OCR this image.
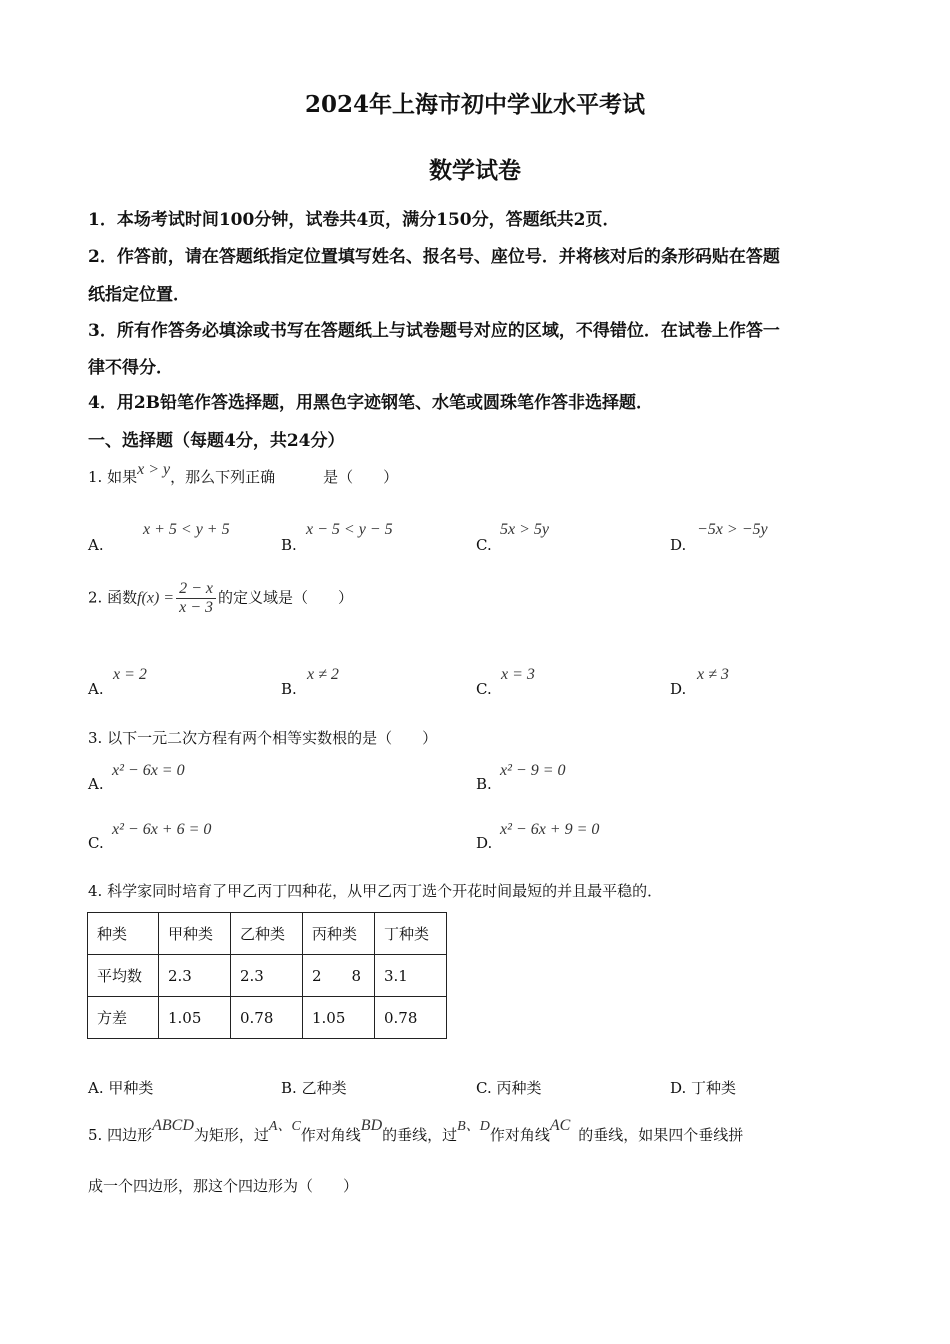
2024年上海市初中学业水平考试
数学试卷
1．本场考试时间100分钟，试卷共4页，满分150分，答题纸共2页．
2．作答前，请在答题纸指定位置填写姓名、报名号、座位号．并将核对后的条形码贴在答题
纸指定位置．
3．所有作答务必填涂或书写在答题纸上与试卷题号对应的区域，不得错位．在试卷上作答一
律不得分．
4．用2B铅笔作答选择题，用黑色字迹钢笔、水笔或圆珠笔作答非选择题．
一、选择题（每题4分，共24分）
1. 如果x > y，那么下列正确	是（　　）
A.
x + 5 < y + 5
B.
x − 5 < y − 5
C.
5x > 5y
D.
−5x > −5y
2. 函数$f(x) = \frac{2 - x}{x - 3}$ 的定义域是（　　）
A.
x = 2
B.
x ≠ 2
C.
x = 3
D.
x ≠ 3
3. 以下一元二次方程有两个相等实数根的是（　　）
A.
x² − 6x = 0
B.
x² − 9 = 0
C.
x² − 6x + 6 = 0
D.
x² − 6x + 9 = 0
4. 科学家同时培育了甲乙丙丁四种花，从甲乙丙丁选个开花时间最短的并且最平稳的．
种类	甲种类	乙种类	丙种类	丁种类
平均数	2.3	2.3	2　　8	3.1
方差	1.05	0.78	1.05	0.78
A. 甲种类	B. 乙种类	C. 丙种类	D. 丁种类
5. 四边形ABCD为矩形，过A、C作对角线BD的垂线，过B、D作对角线AC的垂线，如果四个垂线拼
成一个四边形，那这个四边形为（　　）
